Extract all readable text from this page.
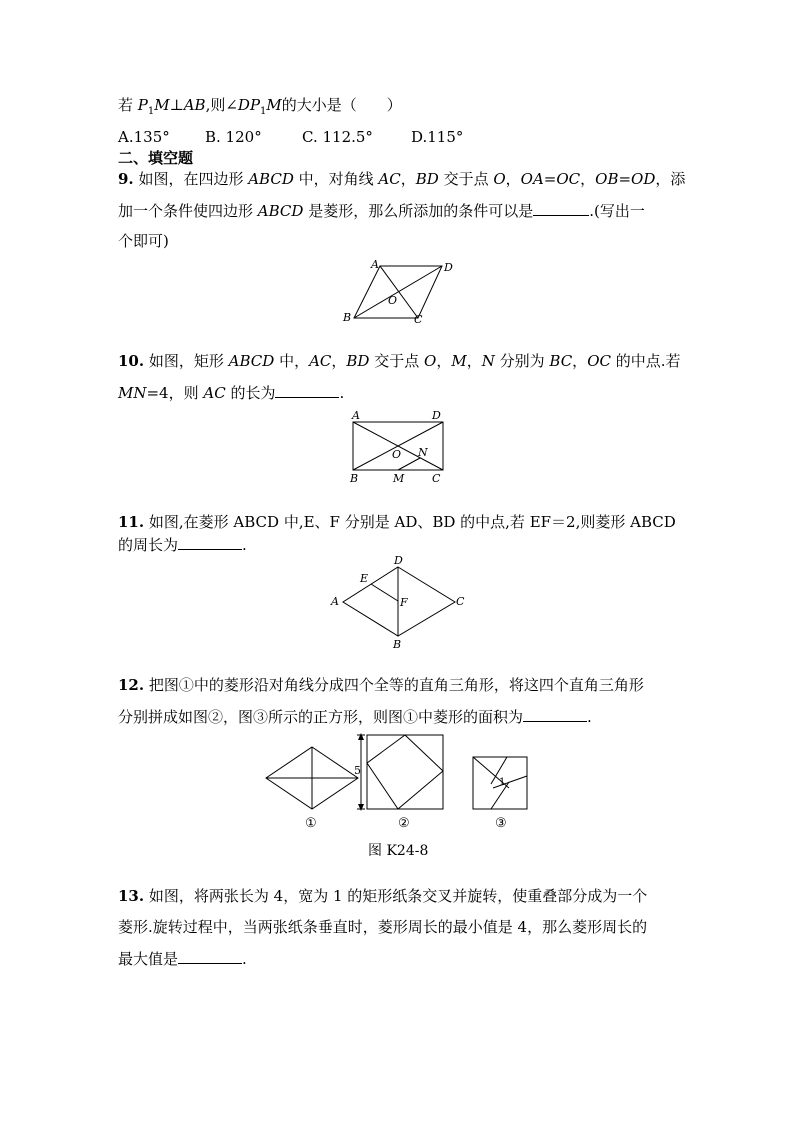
若 $P_1M\perp AB$,则$\angle DP_1M$的大小是（　　）
A.135° B. 120°	C. 112.5°	D.115°
二、填空题
9. 如图，在四边形 ABCD 中，对角线 AC，BD 交于点 O，OA=OC，OB=OD，添
加一个条件使四边形 ABCD 是菱形，那么所添加的条件可以是	.(写出一
个即可)
A	D
O
B	C
10. 如图，矩形 ABCD 中，AC，BD 交于点 O，M，N 分别为 BC，OC 的中点.若
MN=4，则 AC 的长为	.
A	D
O N
B	M	C
11. 如图,在菱形 ABCD 中,E、F 分别是 AD、BD 的中点,若 EF＝2,则菱形 ABCD
的周长为	.
D
E
A	F	C
B
12. 把图①中的菱形沿对角线分成四个全等的直角三角形，将这四个直角三角形
分别拼成如图②，图③所示的正方形，则图①中菱形的面积为	.
5
1
①	②	③
图 K24-8
13. 如图，将两张长为 4，宽为 1 的矩形纸条交叉并旋转，使重叠部分成为一个
菱形.旋转过程中，当两张纸条垂直时，菱形周长的最小值是 4，那么菱形周长的
最大值是	.
